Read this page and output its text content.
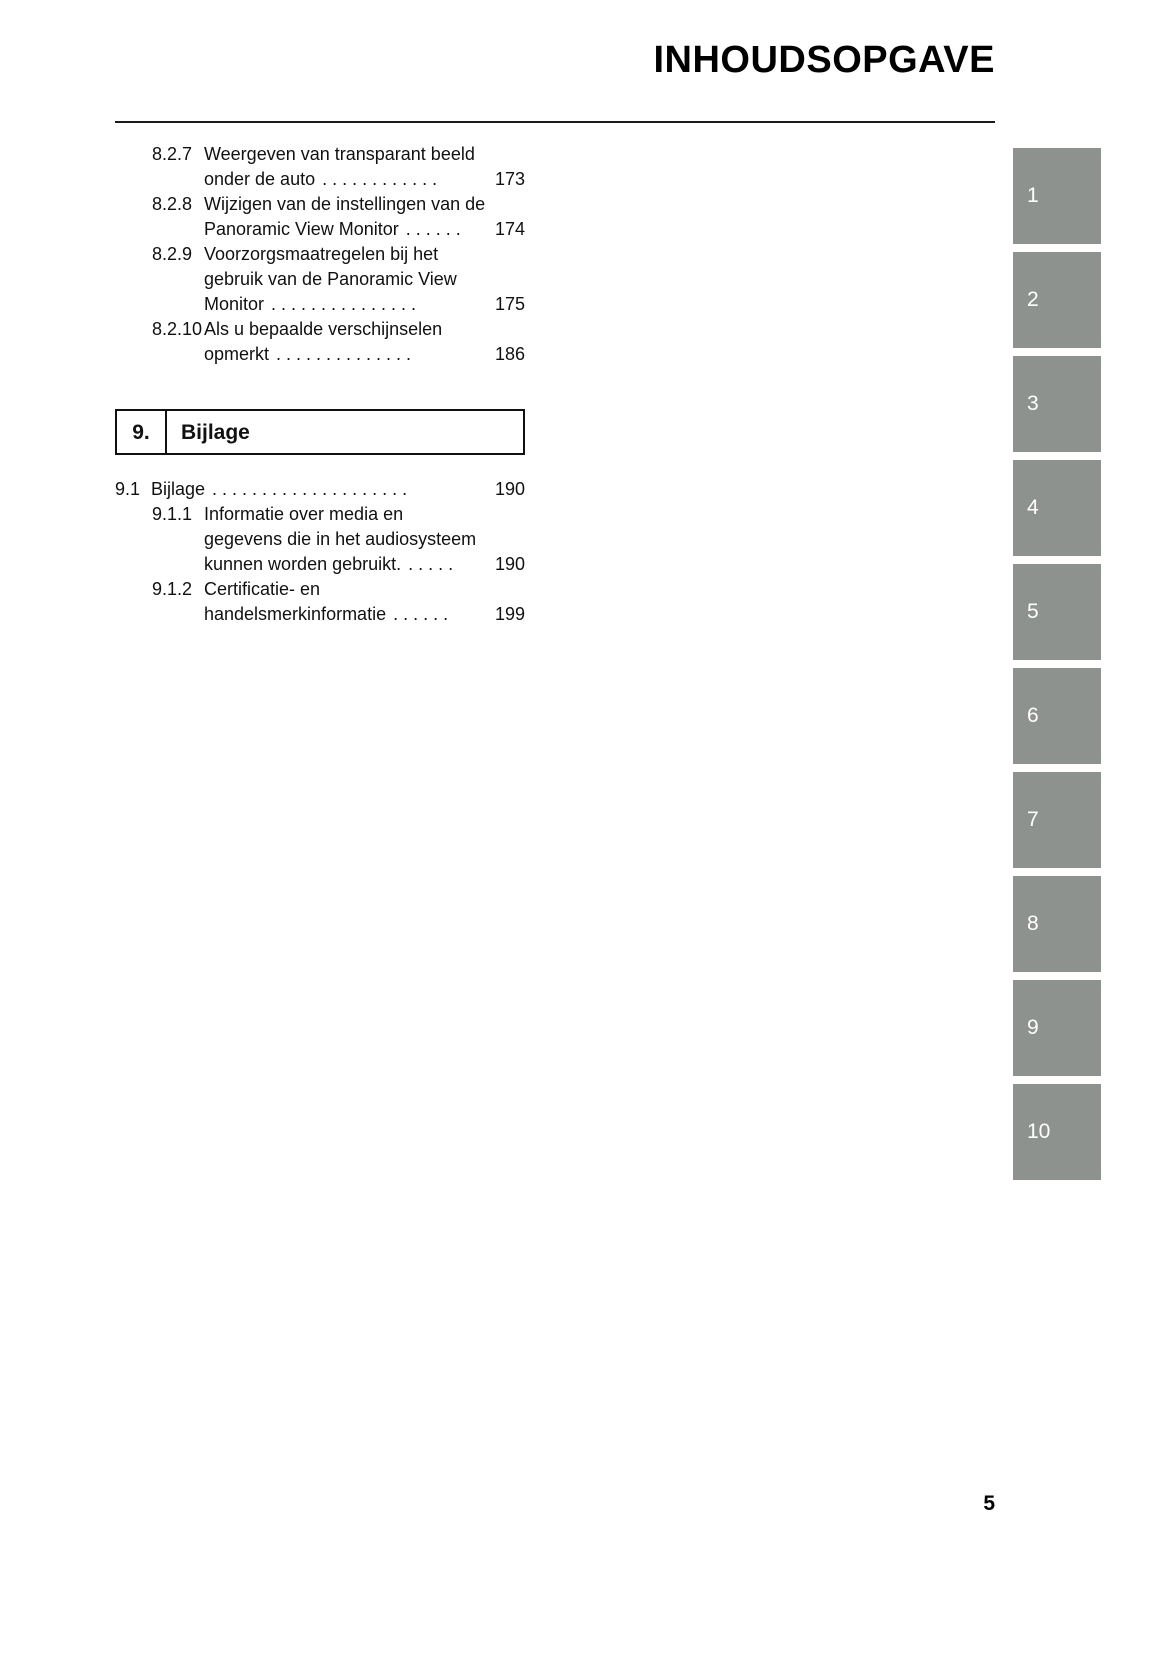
INHOUDSOPGAVE
8.2.7 Weergeven van transparant beeld
onder de auto . . . . . . . . . . . .	173
8.2.8 Wijzigen van de instellingen van de
Panoramic View Monitor . . . . . .	174
8.2.9 Voorzorgsmaatregelen bij het
gebruik van de Panoramic View
Monitor . . . . . . . . . . . . . . .	175
8.2.10 Als u bepaalde verschijnselen
opmerkt . . . . . . . . . . . . . .	186
9.	Bijlage
9.1 Bijlage . . . . . . . . . . . . . . . . . . . .	190
9.1.1 Informatie over media en
gegevens die in het audiosysteem
kunnen worden gebruikt. . . . . .	190
9.1.2 Certificatie- en
handelsmerkinformatie . . . . . .	199
1
2
3
4
5
6
7
8
9
10
5
